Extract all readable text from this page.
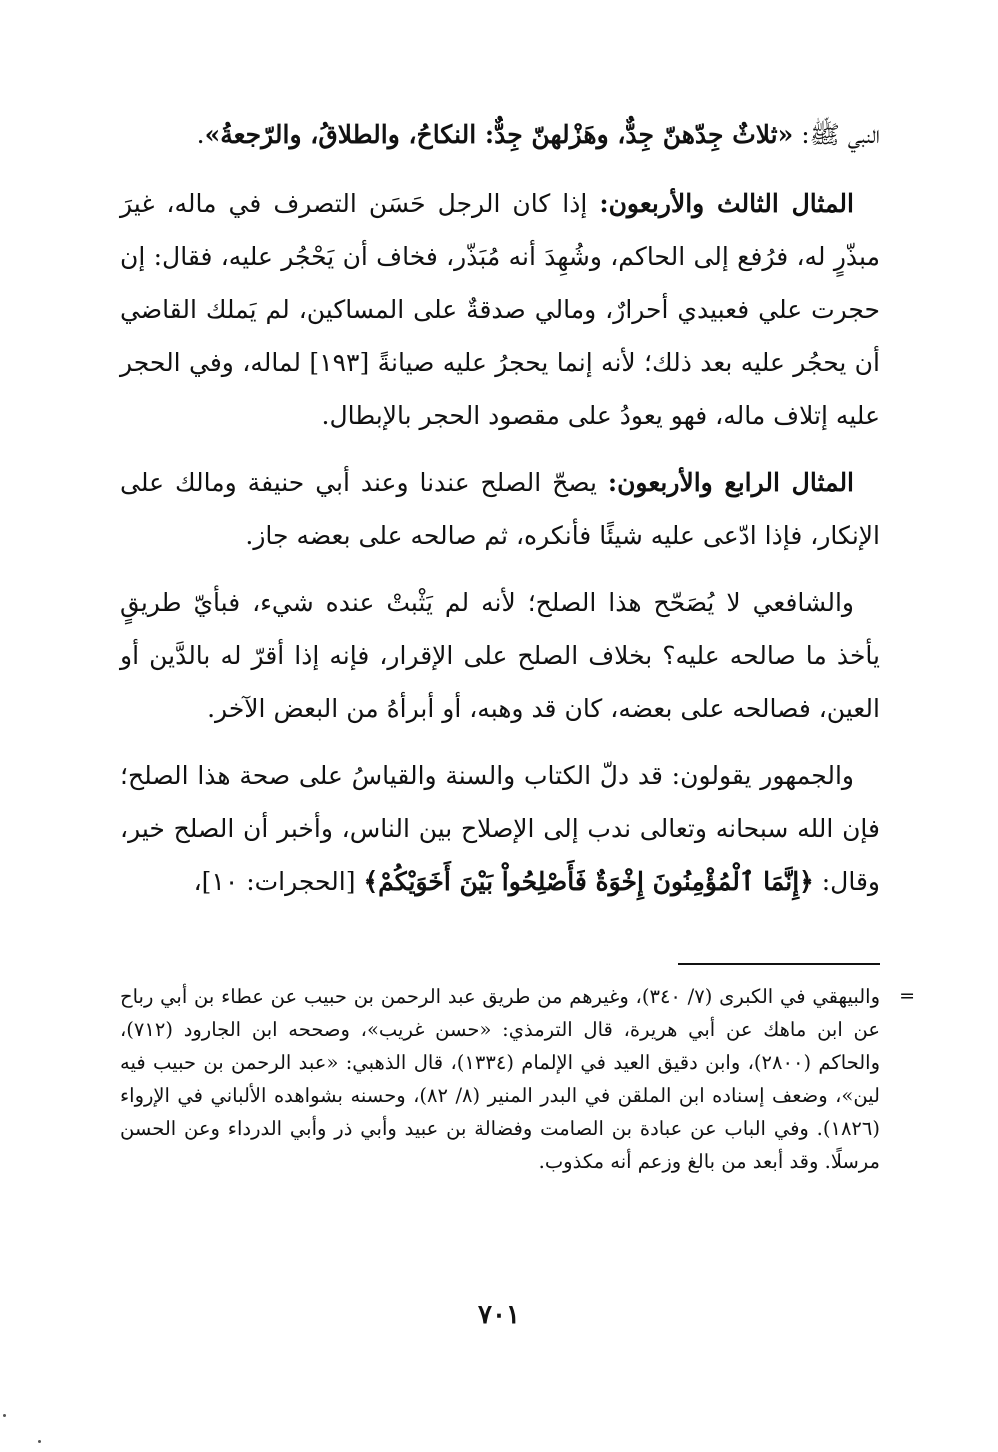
النبي ﷺ: «ثلاثٌ جِدّهنّ جِدٌّ، وهَزْلهنّ جِدٌّ: النكاحُ، والطلاقُ، والرّجعةُ».

المثال الثالث والأربعون: إذا كان الرجل حَسَن التصرف في ماله، غيرَ مبذّرٍ له، فرُفع إلى الحاكم، وشُهِدَ أنه مُبَذّر، فخاف أن يَحْجُر عليه، فقال: إن حجرت علي فعبيدي أحرارٌ، ومالي صدقةٌ على المساكين، لم يَملك القاضي أن يحجُر عليه بعد ذلك؛ لأنه إنما يحجرُ عليه صيانةً [١٩٣] لماله، وفي الحجر عليه إتلاف ماله، فهو يعودُ على مقصود الحجر بالإبطال.

المثال الرابع والأربعون: يصحّ الصلح عندنا وعند أبي حنيفة ومالك على الإنكار، فإذا ادّعى عليه شيئًا فأنكره، ثم صالحه على بعضه جاز.

والشافعي لا يُصَحّح هذا الصلح؛ لأنه لم يَثْبتْ عنده شيء، فبأيّ طريقٍ يأخذ ما صالحه عليه؟ بخلاف الصلح على الإقرار، فإنه إذا أقرّ له بالدَّين أو العين، فصالحه على بعضه، كان قد وهبه، أو أبرأهُ من البعض الآخر.

والجمهور يقولون: قد دلّ الكتاب والسنة والقياسُ على صحة هذا الصلح؛ فإن الله سبحانه وتعالى ندب إلى الإصلاح بين الناس، وأخبر أن الصلح خير، وقال: ﴿إِنَّمَا ٱلْمُؤْمِنُونَ إِخْوَةٌ فَأَصْلِحُواْ بَيْنَ أَخَوَيْكُمْ﴾ [الحجرات: ١٠]،

=
والبيهقي في الكبرى (٧/ ٣٤٠)، وغيرهم من طريق عبد الرحمن بن حبيب عن عطاء بن أبي رباح عن ابن ماهك عن أبي هريرة، قال الترمذي: «حسن غريب»، وصححه ابن الجارود (٧١٢)، والحاكم (٢٨٠٠)، وابن دقيق العيد في الإلمام (١٣٣٤)، قال الذهبي: «عبد الرحمن بن حبيب فيه لين»، وضعف إسناده ابن الملقن في البدر المنير (٨/ ٨٢)، وحسنه بشواهده الألباني في الإرواء (١٨٢٦). وفي الباب عن عبادة بن الصامت وفضالة بن عبيد وأبي ذر وأبي الدرداء وعن الحسن مرسلًا. وقد أبعد من بالغ وزعم أنه مكذوب.
٧٠١
